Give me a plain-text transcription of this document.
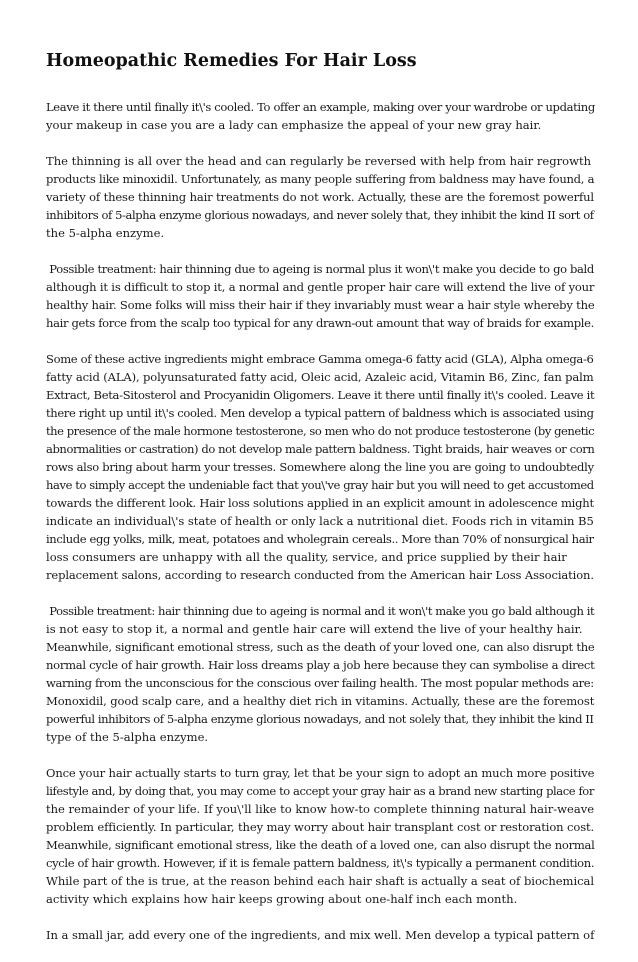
Homeopathic Remedies For Hair Loss

Leave it there until finally it\'s cooled. To offer an example, making over your wardrobe or updating
your makeup in case you are a lady can emphasize the appeal of your new gray hair.

The thinning is all over the head and can regularly be reversed with help from hair regrowth
products like minoxidil. Unfortunately, as many people suffering from baldness may have found, a
variety of these thinning hair treatments do not work. Actually, these are the foremost powerful
inhibitors of 5-alpha enzyme glorious nowadays, and never solely that, they inhibit the kind II sort of
the 5-alpha enzyme.

Possible treatment: hair thinning due to ageing is normal plus it won\'t make you decide to go bald
although it is difficult to stop it, a normal and gentle proper hair care will extend the live of your
healthy hair. Some folks will miss their hair if they invariably must wear a hair style whereby the
hair gets force from the scalp too typical for any drawn-out amount that way of braids for example.

Some of these active ingredients might embrace Gamma omega-6 fatty acid (GLA), Alpha omega-6
fatty acid (ALA), polyunsaturated fatty acid, Oleic acid, Azaleic acid, Vitamin B6, Zinc, fan palm
Extract, Beta-Sitosterol and Procyanidin Oligomers. Leave it there until finally it\'s cooled. Leave it
there right up until it\'s cooled. Men develop a typical pattern of baldness which is associated using
the presence of the male hormone testosterone, so men who do not produce testosterone (by genetic
abnormalities or castration) do not develop male pattern baldness. Tight braids, hair weaves or corn
rows also bring about harm your tresses. Somewhere along the line you are going to undoubtedly
have to simply accept the undeniable fact that you\'ve gray hair but you will need to get accustomed
towards the different look. Hair loss solutions applied in an explicit amount in adolescence might
indicate an individual\'s state of health or only lack a nutritional diet. Foods rich in vitamin B5
include egg yolks, milk, meat, potatoes and wholegrain cereals.. More than 70% of nonsurgical hair
loss consumers are unhappy with all the quality, service, and price supplied by their hair
replacement salons, according to research conducted from the American hair Loss Association.

Possible treatment: hair thinning due to ageing is normal and it won\'t make you go bald although it
is not easy to stop it, a normal and gentle hair care will extend the live of your healthy hair.
Meanwhile, significant emotional stress, such as the death of your loved one, can also disrupt the
normal cycle of hair growth. Hair loss dreams play a job here because they can symbolise a direct
warning from the unconscious for the conscious over failing health. The most popular methods are:
Monoxidil, good scalp care, and a healthy diet rich in vitamins. Actually, these are the foremost
powerful inhibitors of 5-alpha enzyme glorious nowadays, and not solely that, they inhibit the kind II
type of the 5-alpha enzyme.

Once your hair actually starts to turn gray, let that be your sign to adopt an much more positive
lifestyle and, by doing that, you may come to accept your gray hair as a brand new starting place for
the remainder of your life. If you\'ll like to know how-to complete thinning natural hair-weave
problem efficiently. In particular, they may worry about hair transplant cost or restoration cost.
Meanwhile, significant emotional stress, like the death of a loved one, can also disrupt the normal
cycle of hair growth. However, if it is female pattern baldness, it\'s typically a permanent condition.
While part of the is true, at the reason behind each hair shaft is actually a seat of biochemical
activity which explains how hair keeps growing about one-half inch each month.

In a small jar, add every one of the ingredients, and mix well. Men develop a typical pattern of
